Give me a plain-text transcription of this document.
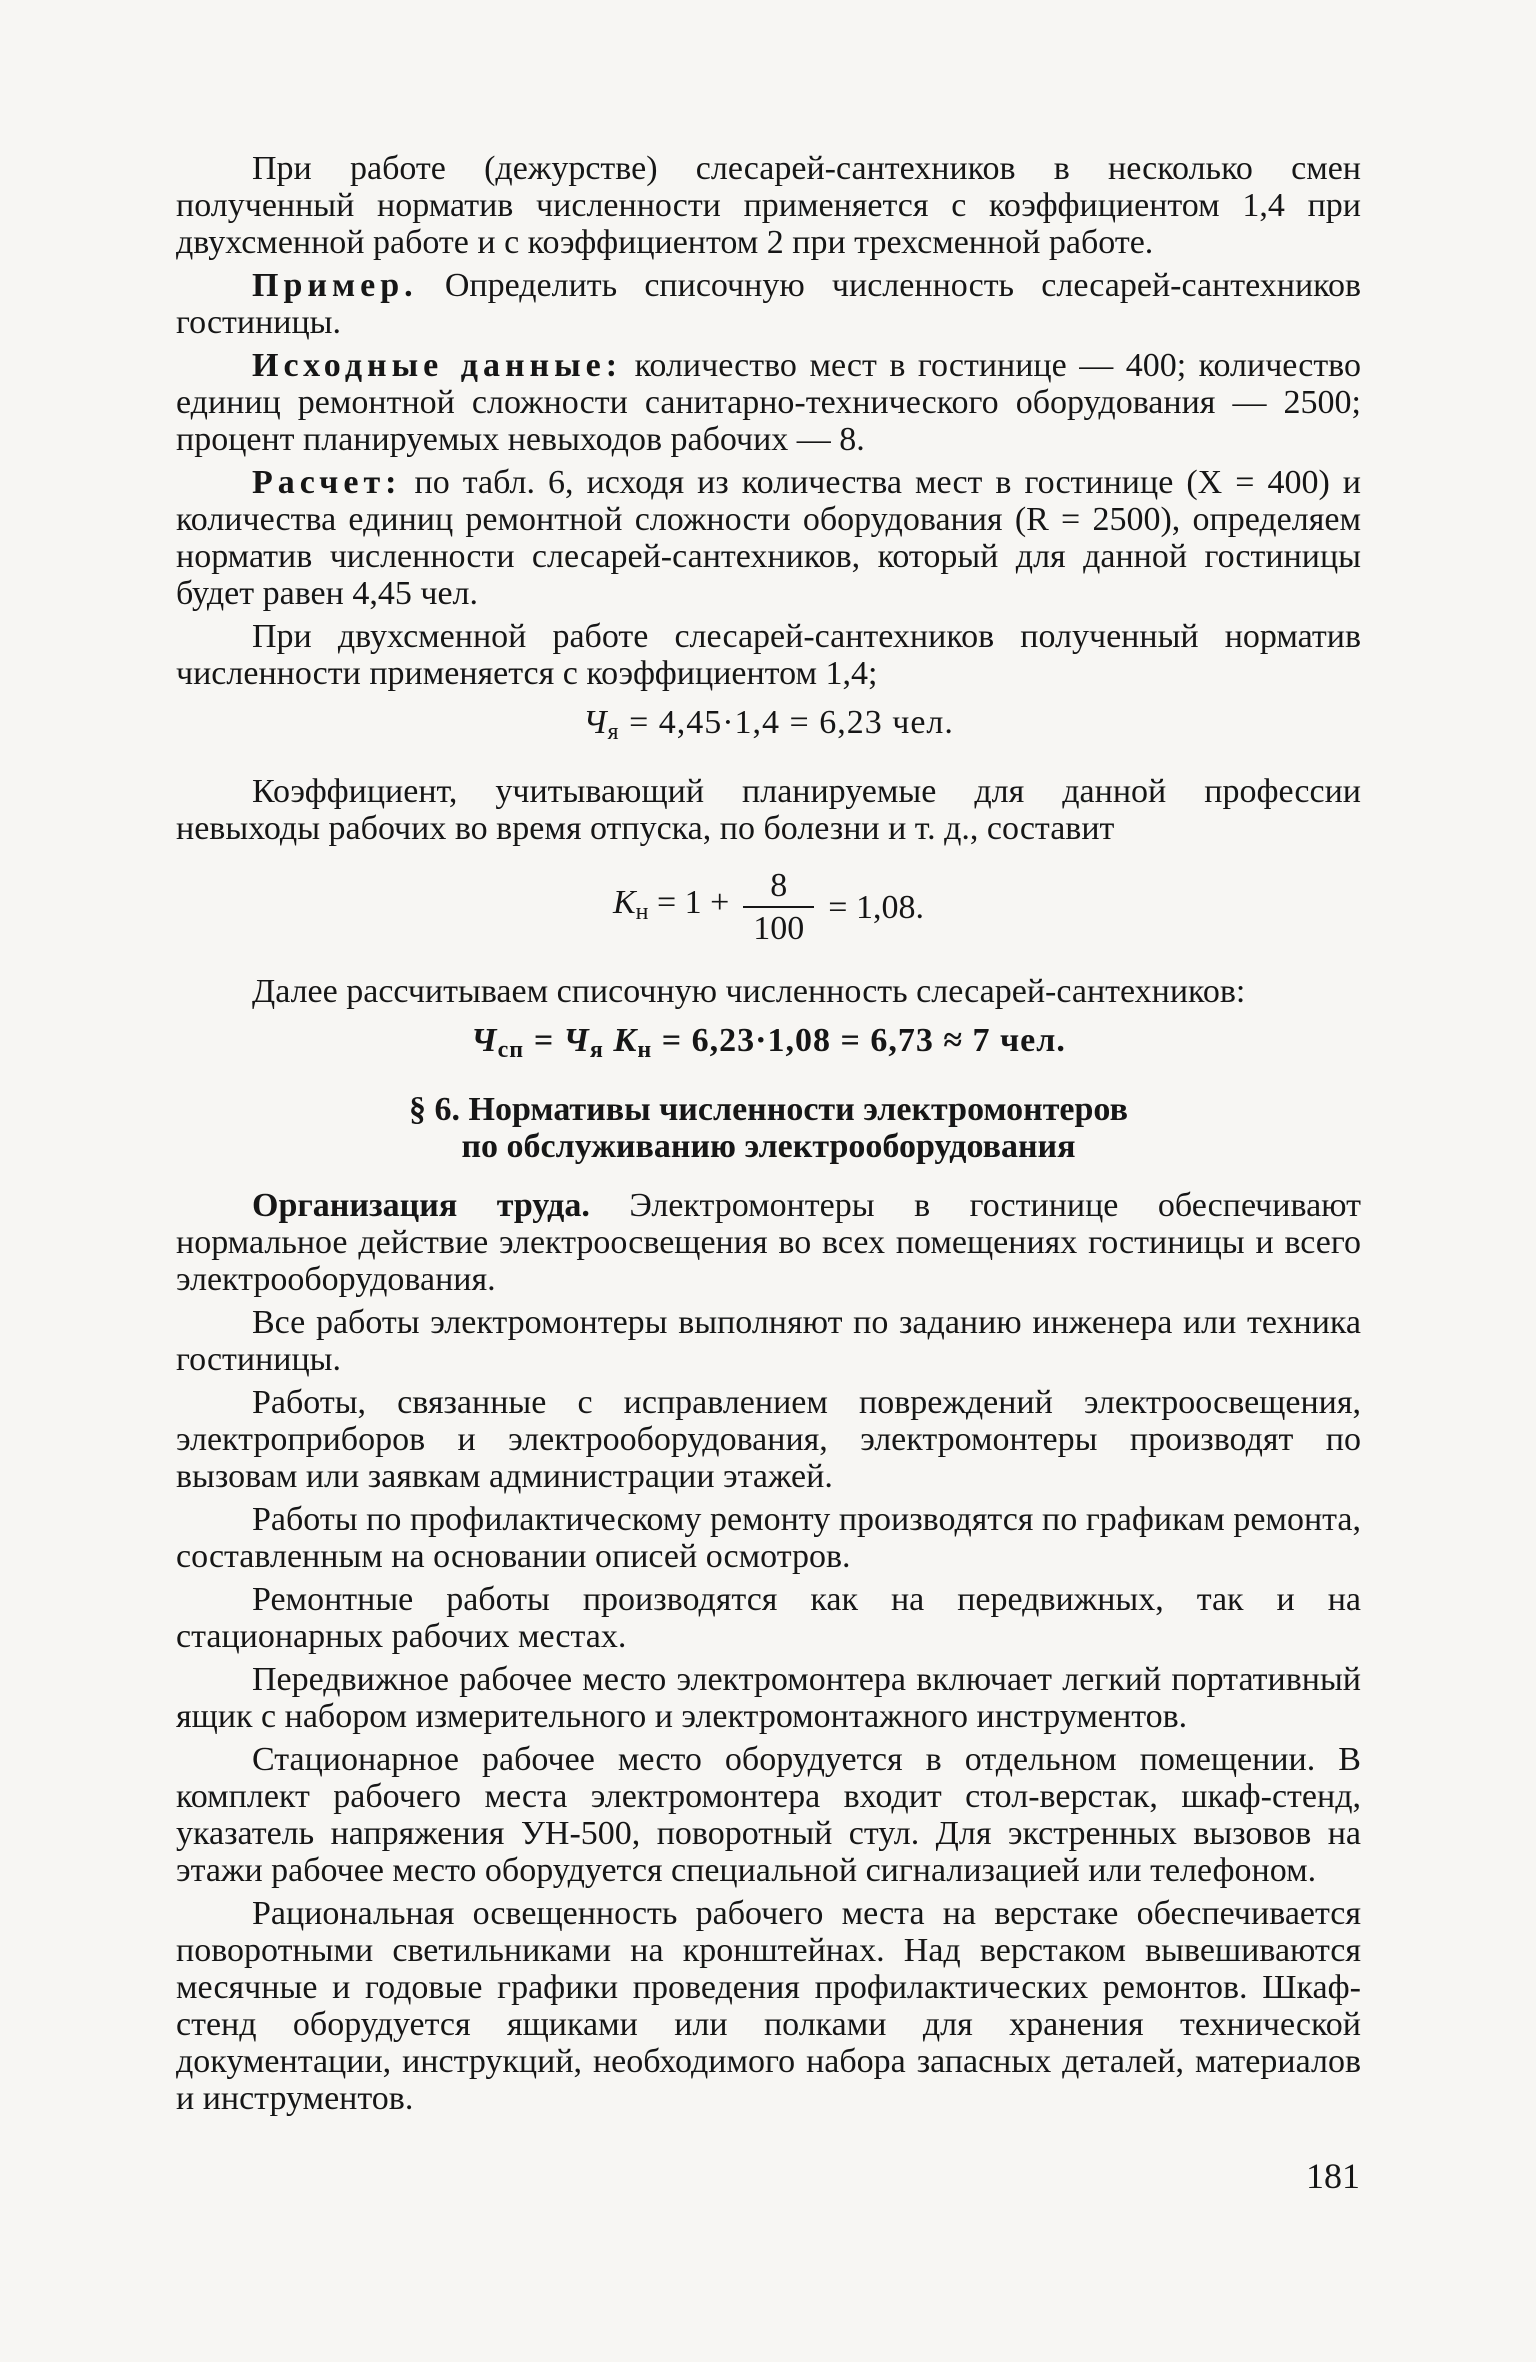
При работе (дежурстве) слесарей-сантехников в несколько смен полученный норматив численности применяется с коэффициентом 1,4 при двухсменной работе и с коэффициентом 2 при трехсменной работе.

Пример. Определить списочную численность слесарей-сантехников гостиницы.

Исходные данные: количество мест в гостинице — 400; количество единиц ремонтной сложности санитарно-технического оборудования — 2500; процент планируемых невыходов рабочих — 8.

Расчет: по табл. 6, исходя из количества мест в гостинице (X = 400) и количества единиц ремонтной сложности оборудования (R = 2500), определяем норматив численности слесарей-сантехников, который для данной гостиницы будет равен 4,45 чел.

При двухсменной работе слесарей-сантехников полученный норматив численности применяется с коэффициентом 1,4;

$Ч_я = 4,45\cdot 1,4 = 6,23$ чел.

Коэффициент, учитывающий планируемые для данной профессии невыходы рабочих во время отпуска, по болезни и т. д., составит

$К_н = 1 + \frac{8}{100} = 1,08$.

Далее рассчитываем списочную численность слесарей-сантехников:

$Ч_{сп} = Ч_я$ $К_н = 6,23\cdot 1,08 = 6,73 \approx 7$ чел.
§ 6. Нормативы численности электромонтеров
по обслуживанию электрооборудования

Организация труда. Электромонтеры в гостинице обеспечивают нормальное действие электроосвещения во всех помещениях гостиницы и всего электрооборудования.

Все работы электромонтеры выполняют по заданию инженера или техника гостиницы.

Работы, связанные с исправлением повреждений электроосвещения, электроприборов и электрооборудования, электромонтеры производят по вызовам или заявкам администрации этажей.

Работы по профилактическому ремонту производятся по графикам ремонта, составленным на основании описей осмотров.

Ремонтные работы производятся как на передвижных, так и на стационарных рабочих местах.

Передвижное рабочее место электромонтера включает легкий портативный ящик с набором измерительного и электромонтажного инструментов.

Стационарное рабочее место оборудуется в отдельном помещении. В комплект рабочего места электромонтера входит стол-верстак, шкаф-стенд, указатель напряжения УН-500, поворотный стул. Для экстренных вызовов на этажи рабочее место оборудуется специальной сигнализацией или телефоном.

Рациональная освещенность рабочего места на верстаке обеспечивается поворотными светильниками на кронштейнах. Над верстаком вывешиваются месячные и годовые графики проведения профилактических ремонтов. Шкаф-стенд оборудуется ящиками или полками для хранения технической документации, инструкций, необходимого набора запасных деталей, материалов и инструментов.

181
